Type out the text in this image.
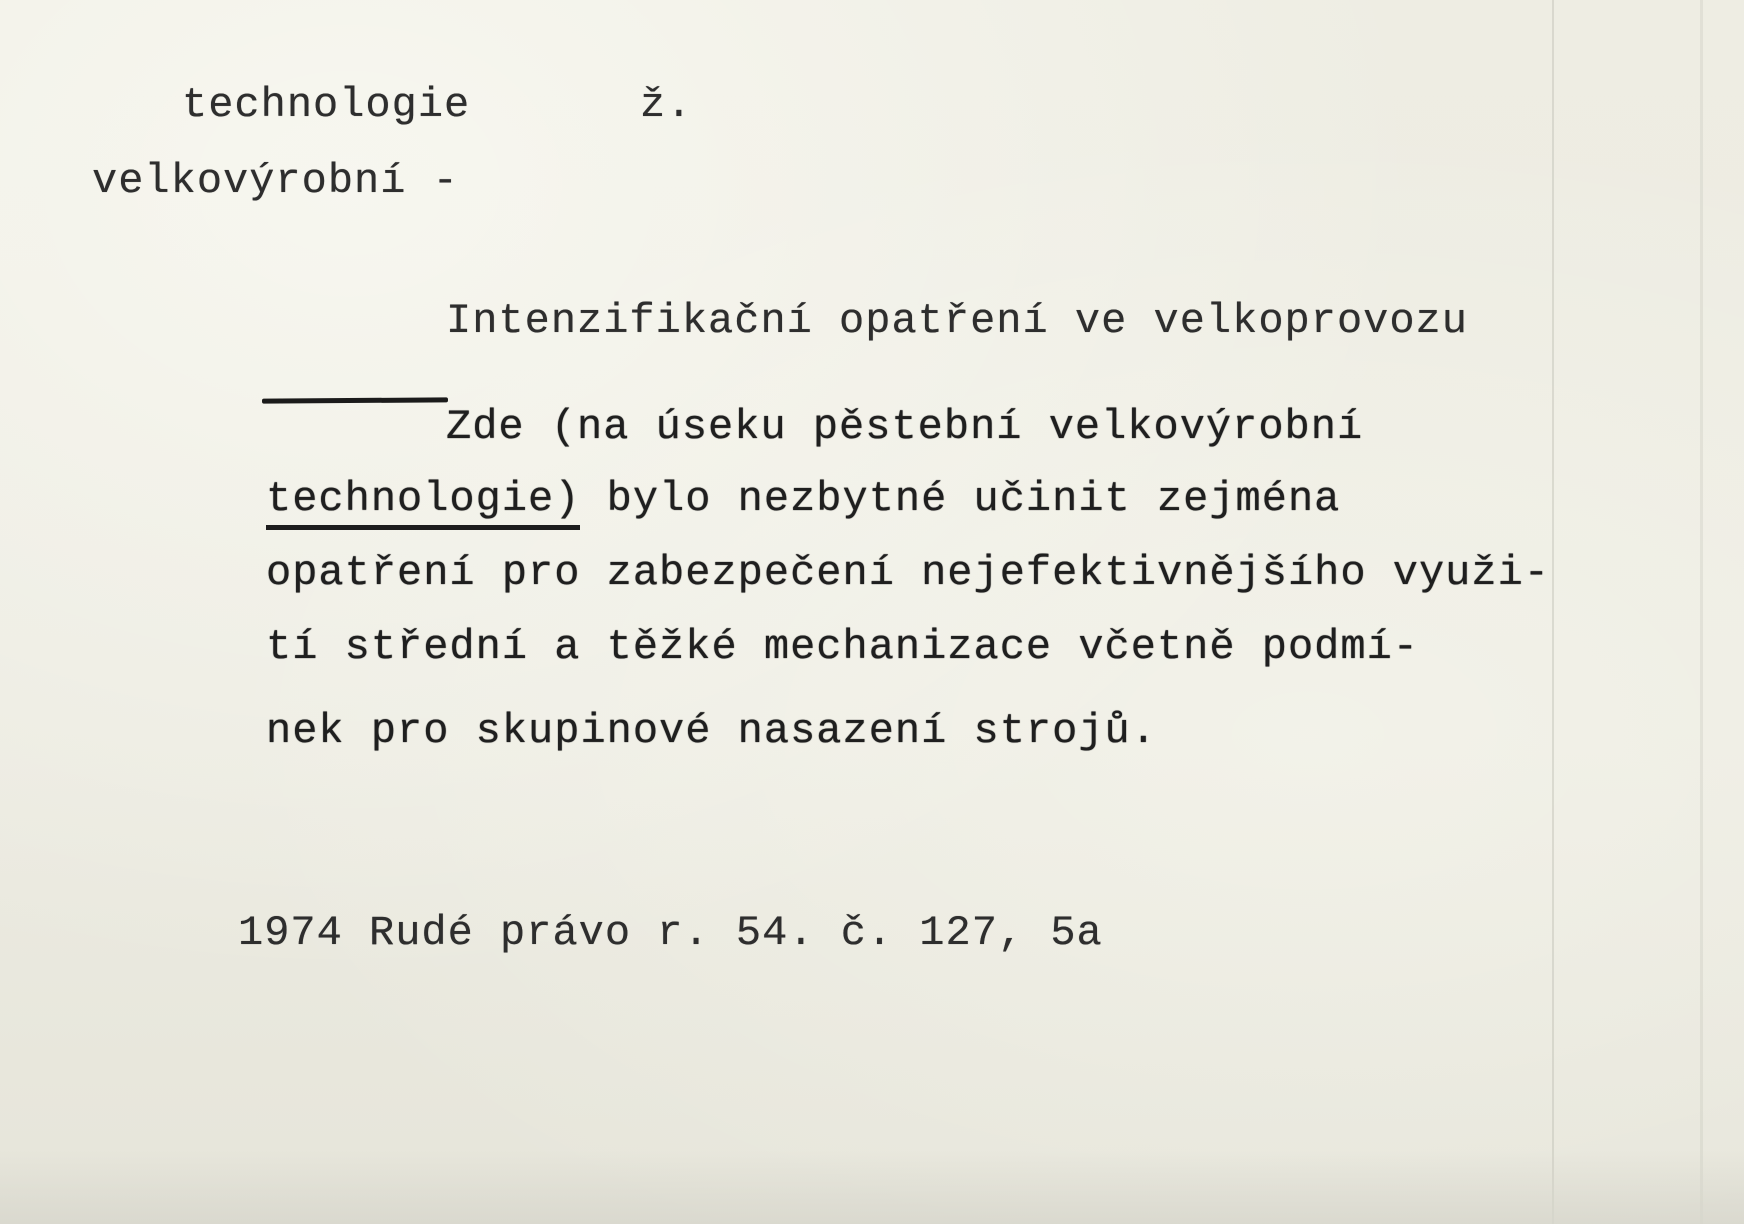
technologie	ž.
velkovýrobní -
Intenzifikační opatření ve velkoprovozu
Zde (na úseku pěstební velkovýrobní
technologie) bylo nezbytné učinit zejména
opatření pro zabezpečení nejefektivnějšího využi-
tí střední a těžké mechanizace včetně podmí-
nek pro skupinové nasazení strojů.
1974 Rudé právo r. 54. č. 127, 5a
